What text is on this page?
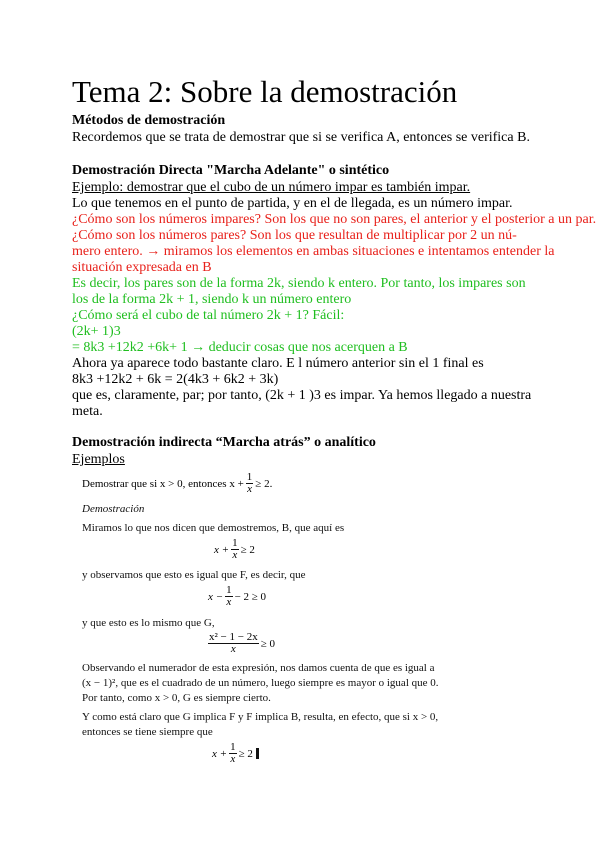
Tema 2: Sobre la demostración
Métodos de demostración

Recordemos que se trata de demostrar que si se verifica A, entonces se verifica B.

Demostración Directa "Marcha Adelante" o sintético

Ejemplo: demostrar que el cubo de un número impar es también impar.

Lo que tenemos en el punto de partida, y en el de llegada, es un número impar.

¿Cómo son los números impares? Son los que no son pares, el anterior y el posterior a un par.

¿Cómo son los números pares? Son los que resultan de multiplicar por 2 un nú-

mero entero. → miramos los elementos en ambas situaciones e intentamos entender la

situación expresada en B

Es decir, los pares son de la forma 2k, siendo k entero. Por tanto, los impares son

los de la forma 2k + 1, siendo k un número entero

¿Cómo será el cubo de tal número 2k + 1? Fácil:

(2k+ 1)3

= 8k3 +12k2 +6k+ 1 → deducir cosas que nos acerquen a B

Ahora ya aparece todo bastante claro. E l número anterior sin el 1 final es

8k3 +12k2 + 6k = 2(4k3 + 6k2 + 3k)

que es, claramente, par; por tanto, (2k + 1 )3 es impar. Ya hemos llegado a nuestra

meta.

Demostración indirecta “Marcha atrás” o analítico

Ejemplos

Demostrar que si x > 0, entonces $x + \frac{1}{x} \ge 2$.
Demostración
Miramos lo que nos dicen que demostremos, B, que aquí es
$x + \frac{1}{x} \ge 2$
y observamos que esto es igual que F, es decir, que
$x - \frac{1}{x} - 2 \ge 0$
y que esto es lo mismo que G,
$\frac{\text{x² − 1 − 2x}}{x} \ge 0$
Observando el numerador de esta expresión, nos damos cuenta de que es igual a
(x − 1)², que es el cuadrado de un número, luego siempre es mayor o igual que 0.
Por tanto, como x > 0, G es siempre cierto.
Y como está claro que G implica F y F implica B, resulta, en efecto, que si x > 0,
entonces se tiene siempre que
$x + \frac{1}{x} \ge 2$
